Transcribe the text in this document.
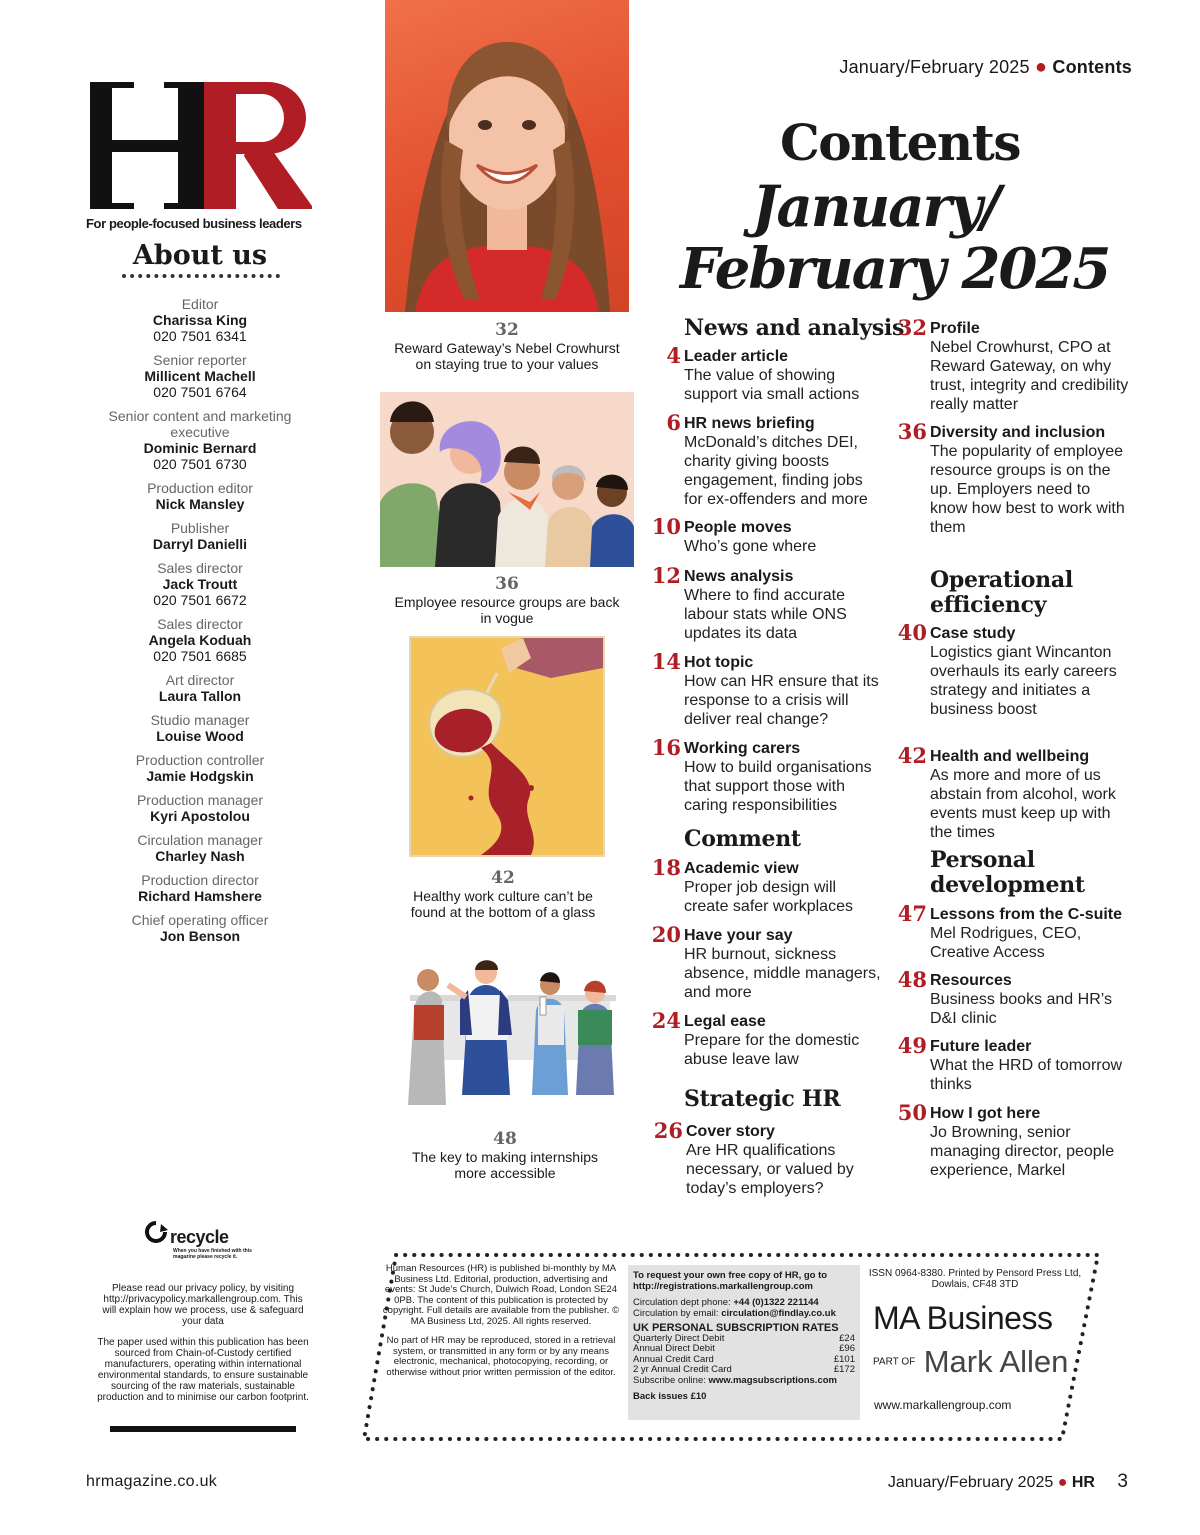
January/February 2025 ● Contents
For people-focused business leaders
About us
Editor
Charissa King
020 7501 6341
Senior reporter
Millicent Machell
020 7501 6764
Senior content and marketing executive
Dominic Bernard
020 7501 6730
Production editor
Nick Mansley
Publisher
Darryl Danielli
Sales director
Jack Troutt
020 7501 6672
Sales director
Angela Koduah
020 7501 6685
Art director
Laura Tallon
Studio manager
Louise Wood
Production controller
Jamie Hodgskin
Production manager
Kyri Apostolou
Circulation manager
Charley Nash
Production director
Richard Hamshere
Chief operating officer
Jon Benson
32
Reward Gateway’s Nebel Crowhurst on staying true to your values
36
Employee resource groups are back in vogue
42
Healthy work culture can’t be found at the bottom of a glass
48
The key to making internships more accessible
Contents
January/
February 2025
News and analysis
Comment
Strategic HR
Operational efficiency
Personal development
4 Leader article
The value of showing support via small actions
6 HR news briefing
McDonald’s ditches DEI, charity giving boosts engagement, finding jobs for ex-offenders and more
10 People moves
Who’s gone where
12 News analysis
Where to find accurate labour stats while ONS updates its data
14 Hot topic
How can HR ensure that its response to a crisis will deliver real change?
16 Working carers
How to build organisations that support those with caring responsibilities
18 Academic view
Proper job design will create safer workplaces
20 Have your say
HR burnout, sickness absence, middle managers, and more
24 Legal ease
Prepare for the domestic abuse leave law
26 Cover story
Are HR qualifications necessary, or valued by today’s employers?
32 Profile
Nebel Crowhurst, CPO at Reward Gateway, on why trust, integrity and credibility really matter
36 Diversity and inclusion
The popularity of employee resource groups is on the up. Employers need to know how best to work with them
40 Case study
Logistics giant Wincanton overhauls its early careers strategy and initiates a business boost
42 Health and wellbeing
As more and more of us abstain from alcohol, work events must keep up with the times
47 Lessons from the C-suite
Mel Rodrigues, CEO, Creative Access
48 Resources
Business books and HR’s D&I clinic
49 Future leader
What the HRD of tomorrow thinks
50 How I got here
Jo Browning, senior managing director, people experience, Markel
recycle
When you have finished with this magazine please recycle it.

Please read our privacy policy, by visiting http://privacypolicy.markallengroup.com. This will explain how we process, use & safeguard your data

The paper used within this publication has been sourced from Chain-of-Custody certified manufacturers, operating within international environmental standards, to ensure sustainable sourcing of the raw materials, sustainable production and to minimise our carbon footprint.

Human Resources (HR) is published bi-monthly by MA Business Ltd. Editorial, production, advertising and events: St Jude’s Church, Dulwich Road, London SE24 0PB. The content of this publication is protected by copyright. Full details are available from the publisher. © MA Business Ltd, 2025. All rights reserved.

No part of HR may be reproduced, stored in a retrieval system, or transmitted in any form or by any means electronic, mechanical, photocopying, recording, or otherwise without prior written permission of the editor.

To request your own free copy of HR, go to http://registrations.markallengroup.com
Circulation dept phone: +44 (0)1322 221144
Circulation by email: circulation@findlay.co.uk
UK PERSONAL SUBSCRIPTION RATES
Quarterly Direct Debit	£24
Annual Direct Debit	£96
Annual Credit Card	£101
2 yr Annual Credit Card	£172
Subscribe online: www.magsubscriptions.com
Back issues £10
ISSN 0964-8380. Printed by Pensord Press Ltd, Dowlais, CF48 3TD
MA Business
PART OF Mark Allen
www.markallengroup.com
hrmagazine.co.uk	January/February 2025 ● HR 3
